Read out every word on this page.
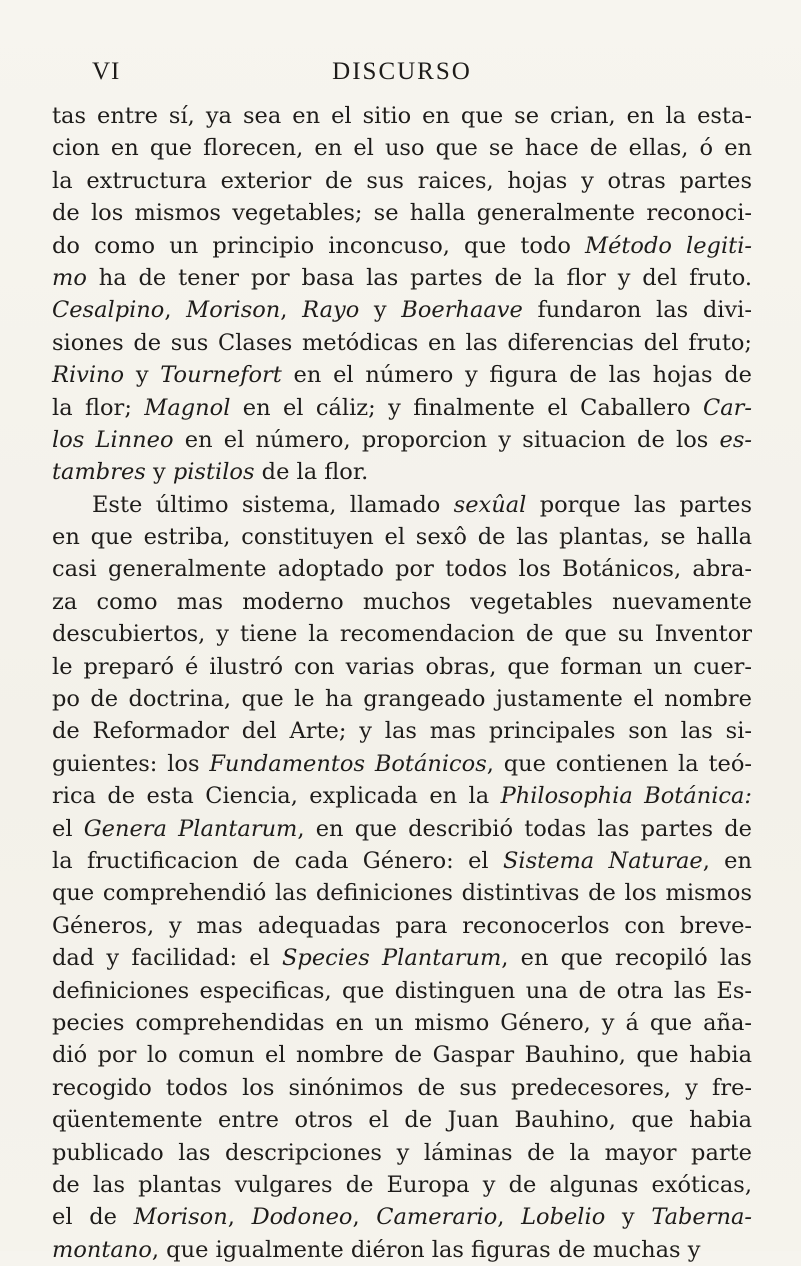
VI	DISCURSO
tas entre sí, ya sea en el sitio en que se crian, en la esta-
cion en que florecen, en el uso que se hace de ellas, ó en
la extructura exterior de sus raices, hojas y otras partes
de los mismos vegetables; se halla generalmente reconoci-
do como un principio inconcuso, que todo Método legiti-
mo ha de tener por basa las partes de la flor y del fruto.
Cesalpino, Morison, Rayo y Boerhaave fundaron las divi-
siones de sus Clases metódicas en las diferencias del fruto;
Rivino y Tournefort en el número y figura de las hojas de
la flor; Magnol en el cáliz; y finalmente el Caballero Car-
los Linneo en el número, proporcion y situacion de los es-
tambres y pistilos de la flor.
Este último sistema, llamado sexûal porque las partes
en que estriba, constituyen el sexô de las plantas, se halla
casi generalmente adoptado por todos los Botánicos, abra-
za como mas moderno muchos vegetables nuevamente
descubiertos, y tiene la recomendacion de que su Inventor
le preparó é ilustró con varias obras, que forman un cuer-
po de doctrina, que le ha grangeado justamente el nombre
de Reformador del Arte; y las mas principales son las si-
guientes: los Fundamentos Botánicos, que contienen la teó-
rica de esta Ciencia, explicada en la Philosophia Botánica:
el Genera Plantarum, en que describió todas las partes de
la fructificacion de cada Género: el Sistema Naturae, en
que comprehendió las definiciones distintivas de los mismos
Géneros, y mas adequadas para reconocerlos con breve-
dad y facilidad: el Species Plantarum, en que recopiló las
definiciones especificas, que distinguen una de otra las Es-
pecies comprehendidas en un mismo Género, y á que aña-
dió por lo comun el nombre de Gaspar Bauhino, que habia
recogido todos los sinónimos de sus predecesores, y fre-
qüentemente entre otros el de Juan Bauhino, que habia
publicado las descripciones y láminas de la mayor parte
de las plantas vulgares de Europa y de algunas exóticas,
el de Morison, Dodoneo, Camerario, Lobelio y Taberna-
montano, que igualmente diéron las figuras de muchas y
